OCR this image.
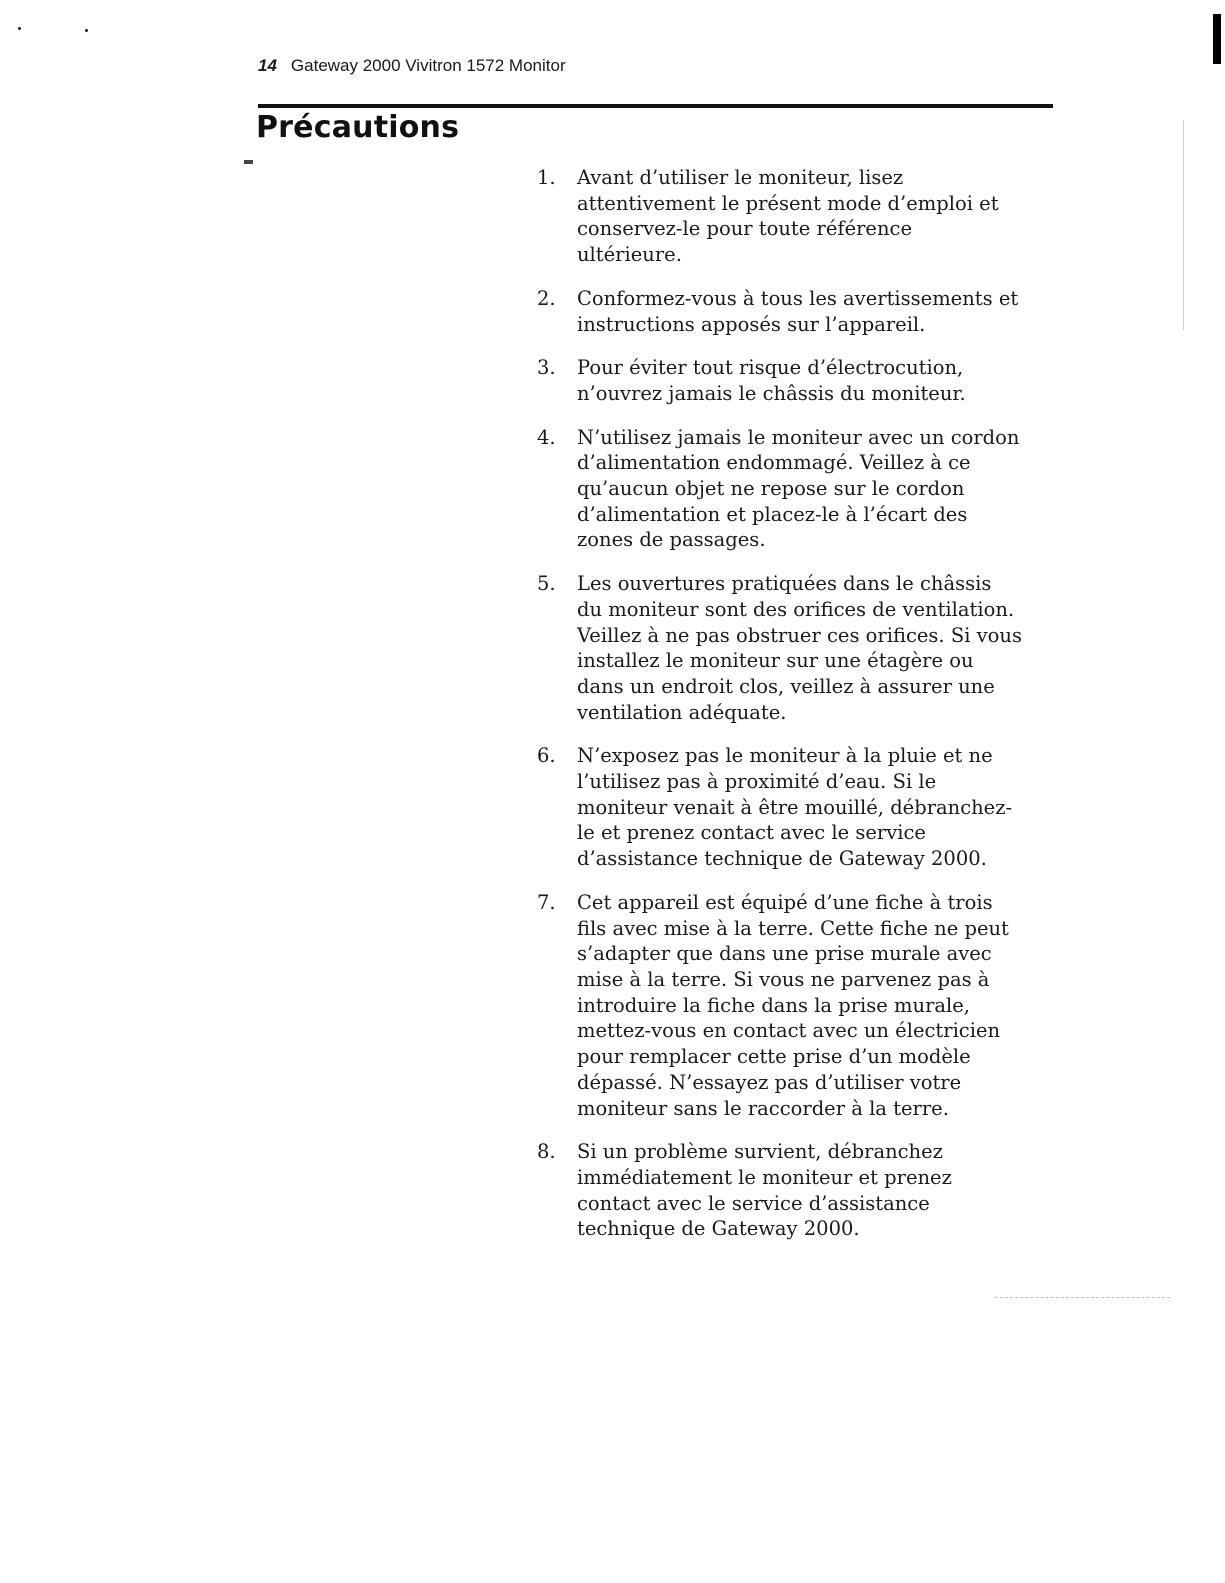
14 Gateway 2000 Vivitron 1572 Monitor
Précautions
1.	Avant d’utiliser le moniteur, lisez attentivement le présent mode d’emploi et conservez-le pour toute référence ultérieure.
2.	Conformez-vous à tous les avertissements et instructions apposés sur l’appareil.
3.	Pour éviter tout risque d’électrocution, n’ouvrez jamais le châssis du moniteur.
4.	N’utilisez jamais le moniteur avec un cordon d’alimentation endommagé. Veillez à ce qu’aucun objet ne repose sur le cordon d’alimentation et placez-le à l’écart des zones de passages.
5.	Les ouvertures pratiquées dans le châssis du moniteur sont des orifices de ventilation. Veillez à ne pas obstruer ces orifices. Si vous installez le moniteur sur une étagère ou dans un endroit clos, veillez à assurer une ventilation adéquate.
6.	N’exposez pas le moniteur à la pluie et ne l’utilisez pas à proximité d’eau. Si le moniteur venait à être mouillé, débranchez-le et prenez contact avec le service d’assistance technique de Gateway 2000.
7.	Cet appareil est équipé d’une fiche à trois fils avec mise à la terre. Cette fiche ne peut s’adapter que dans une prise murale avec mise à la terre. Si vous ne parvenez pas à introduire la fiche dans la prise murale, mettez-vous en contact avec un électricien pour remplacer cette prise d’un modèle dépassé. N’essayez pas d’utiliser votre moniteur sans le raccorder à la terre.
8.	Si un problème survient, débranchez immédiatement le moniteur et prenez contact avec le service d’assistance technique de Gateway 2000.
